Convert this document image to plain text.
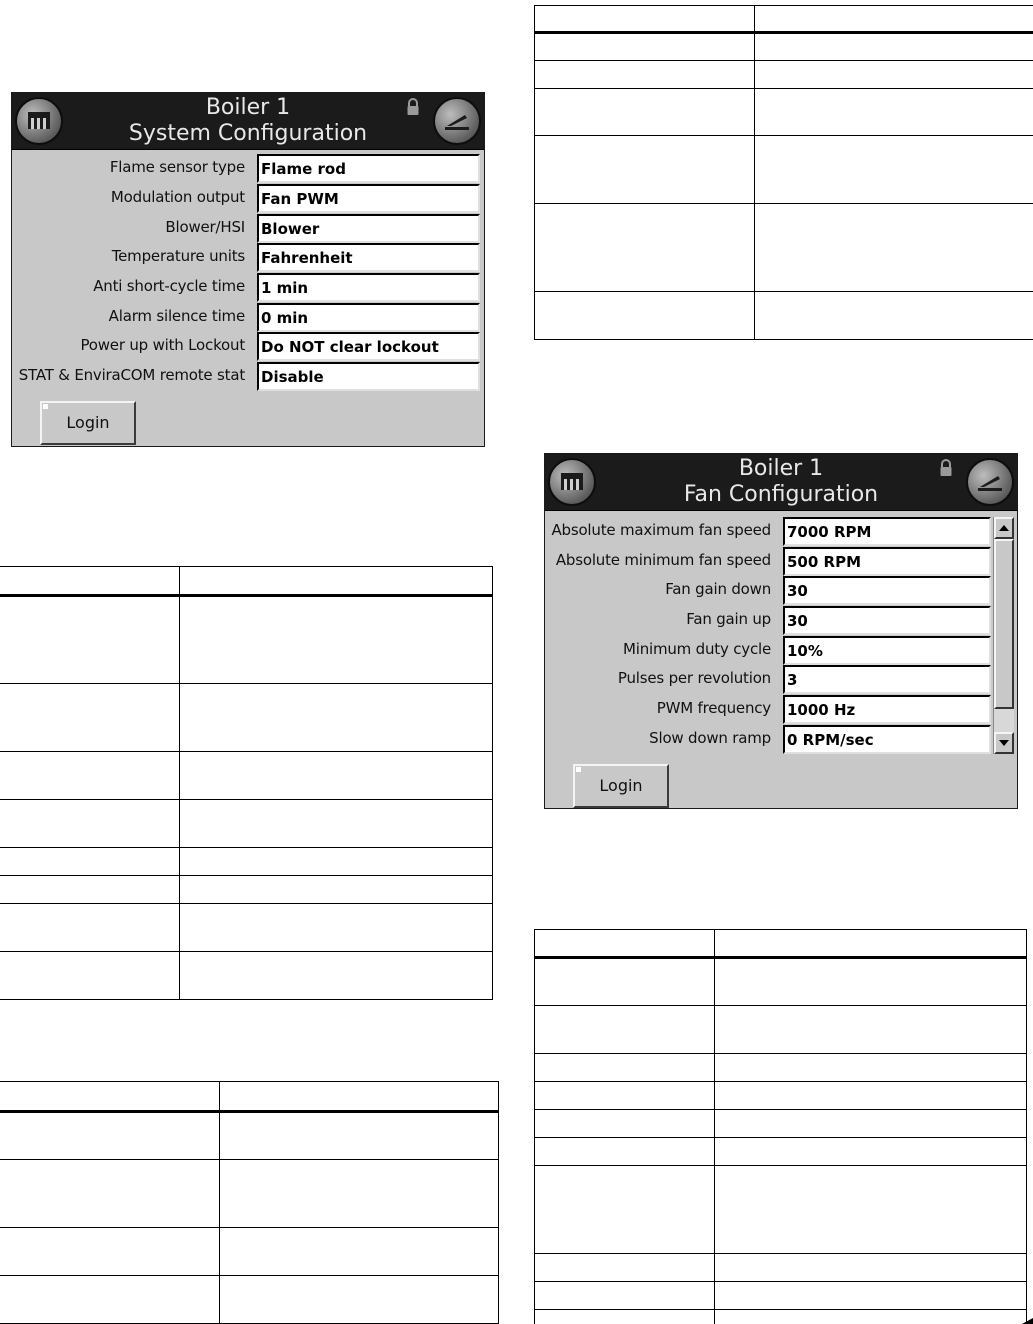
Boiler 1
System Configuration
Flame sensor type Flame rod
Modulation output Fan PWM
Blower/HSI Blower
Temperature units Fahrenheit
Anti short-cycle time 1 min
Alarm silence time 0 min
Power up with Lockout Do NOT clear lockout
STAT & EnviraCOM remote stat Disable
Login
Boiler 1
Fan Configuration
Absolute maximum fan speed 7000 RPM
Absolute minimum fan speed 500 RPM
Fan gain down 30
Fan gain up 30
Minimum duty cycle 10%
Pulses per revolution 3
PWM frequency 1000 Hz
Slow down ramp 0 RPM/sec
Login
